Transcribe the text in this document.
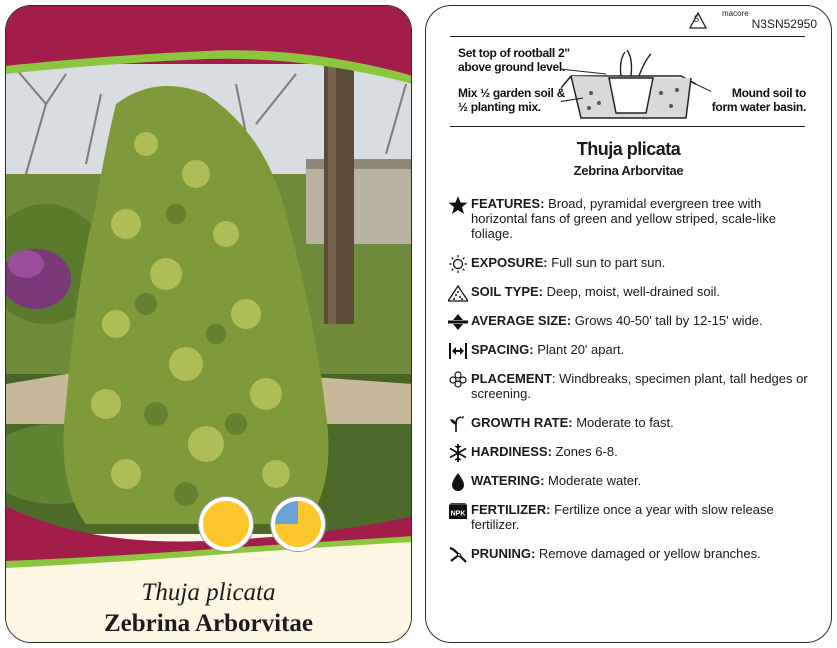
Thuja plicata
Zebrina Arborvitae
5
macore
N3SN52950
Set top of rootball 2" above ground level.
Mix ½ garden soil & ½ planting mix.
Mound soil to form water basin.
Thuja plicata
Zebrina Arborvitae
FEATURES: Broad, pyramidal evergreen tree with horizontal fans of green and yellow striped, scale-like foliage.
EXPOSURE: Full sun to part sun.
SOIL TYPE: Deep, moist, well-drained soil.
AVERAGE SIZE: Grows 40-50' tall by 12-15' wide.
SPACING: Plant 20' apart.
PLACEMENT: Windbreaks, specimen plant, tall hedges or screening.
GROWTH RATE: Moderate to fast.
HARDINESS: Zones 6-8.
WATERING: Moderate water.
NPK FERTILIZER: Fertilize once a year with slow release fertilizer.
PRUNING: Remove damaged or yellow branches.
